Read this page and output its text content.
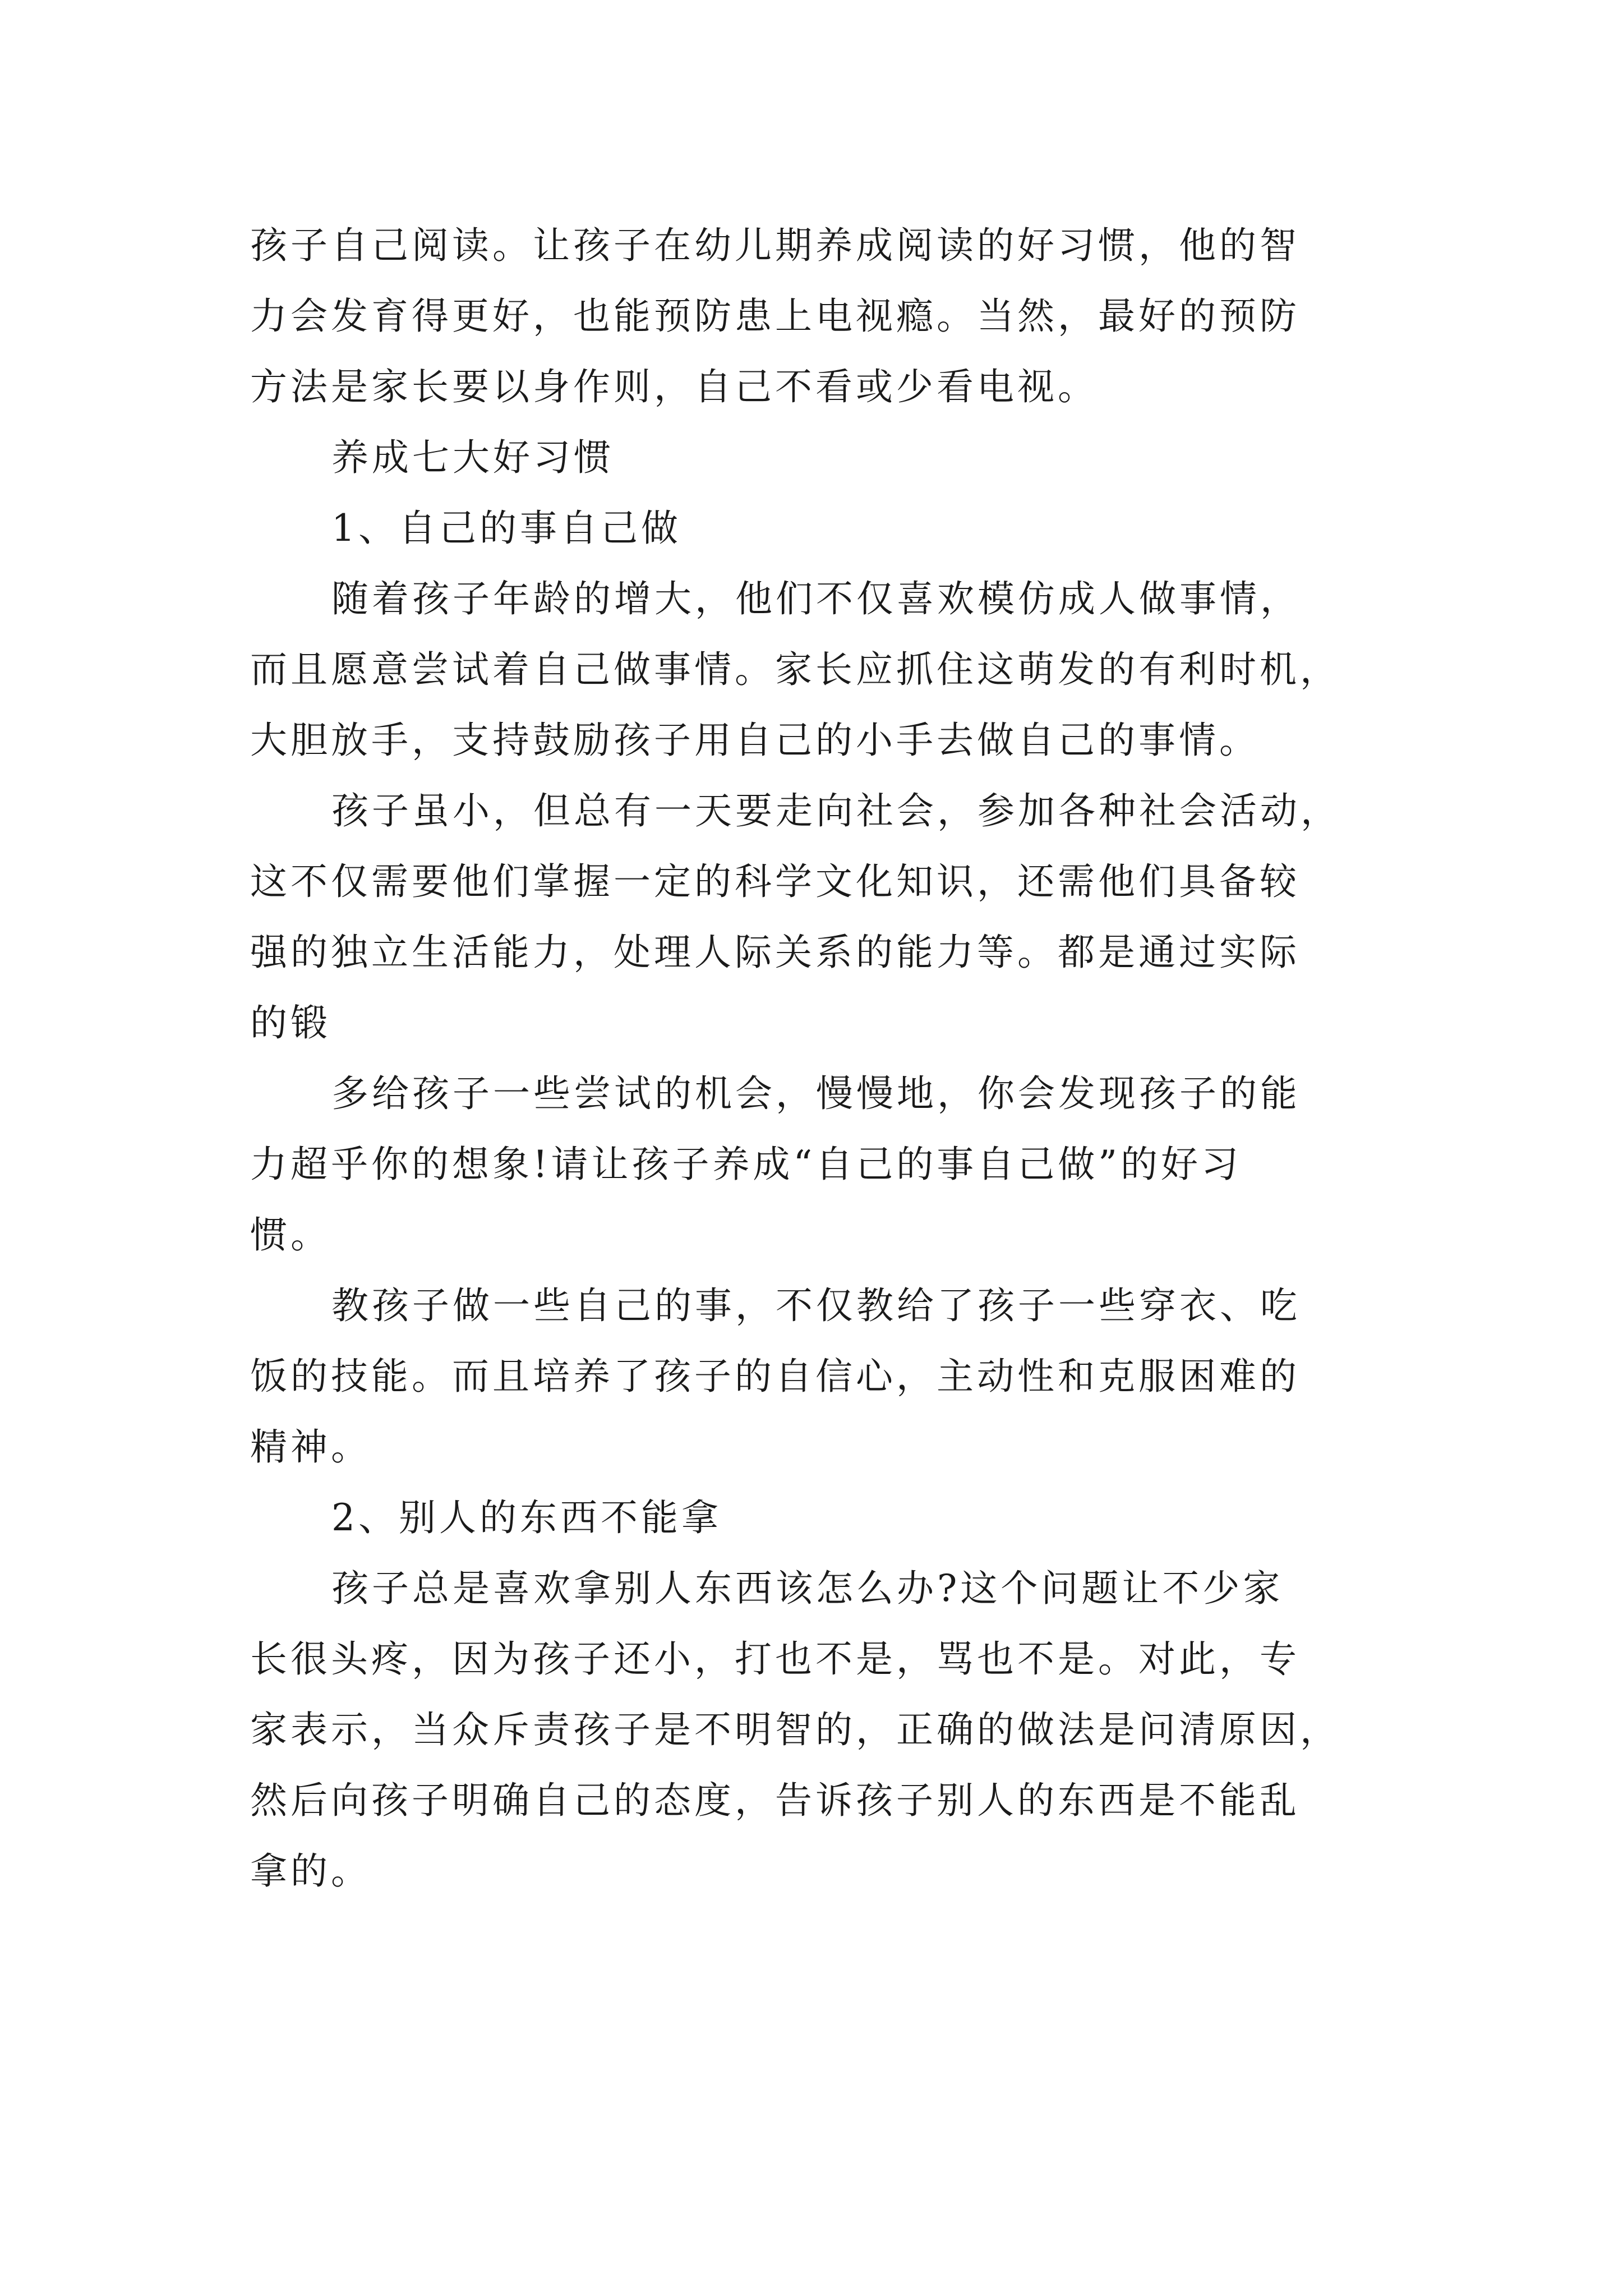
孩子自己阅读。让孩子在幼儿期养成阅读的好习惯，他的智
力会发育得更好，也能预防患上电视瘾。当然，最好的预防
方法是家长要以身作则，自己不看或少看电视。
养成七大好习惯
1、自己的事自己做
随着孩子年龄的增大，他们不仅喜欢模仿成人做事情，
而且愿意尝试着自己做事情。家长应抓住这萌发的有利时机，
大胆放手，支持鼓励孩子用自己的小手去做自己的事情。
孩子虽小，但总有一天要走向社会，参加各种社会活动，
这不仅需要他们掌握一定的科学文化知识，还需他们具备较
强的独立生活能力，处理人际关系的能力等。都是通过实际
的锻
多给孩子一些尝试的机会，慢慢地，你会发现孩子的能
力超乎你的想象!请让孩子养成“自己的事自己做”的好习
惯。
教孩子做一些自己的事，不仅教给了孩子一些穿衣、吃
饭的技能。而且培养了孩子的自信心，主动性和克服困难的
精神。
2、别人的东西不能拿
孩子总是喜欢拿别人东西该怎么办?这个问题让不少家
长很头疼，因为孩子还小，打也不是，骂也不是。对此，专
家表示，当众斥责孩子是不明智的，正确的做法是问清原因，
然后向孩子明确自己的态度，告诉孩子别人的东西是不能乱
拿的。
